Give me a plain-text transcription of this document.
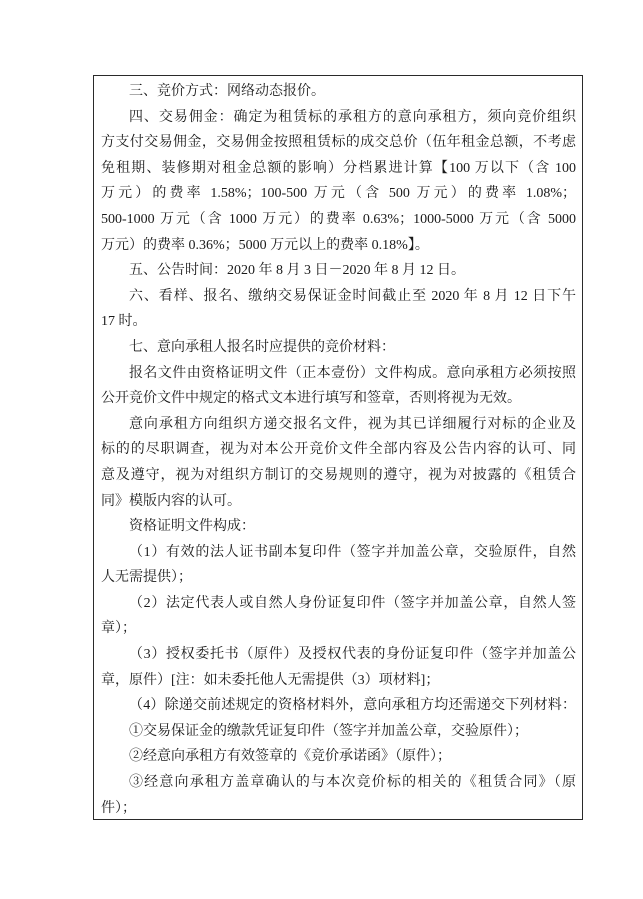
三、竞价方式：网络动态报价。
四、交易佣金：确定为租赁标的承租方的意向承租方，须向竞价组织
方支付交易佣金，交易佣金按照租赁标的成交总价（伍年租金总额，不考虑
免租期、装修期对租金总额的影响）分档累进计算【100 万以下（含 100
万元）的费率 1.58%；100-500 万元（含 500 万元）的费率 1.08%；
500-1000 万元（含 1000 万元）的费率 0.63%；1000-5000 万元（含 5000
万元）的费率 0.36%；5000 万元以上的费率 0.18%】。
五、公告时间：2020 年 8 月 3 日－2020 年 8 月 12 日。
六、看样、报名、缴纳交易保证金时间截止至 2020 年 8 月 12 日下午
17 时。
七、意向承租人报名时应提供的竞价材料：
报名文件由资格证明文件（正本壹份）文件构成。意向承租方必须按照
公开竞价文件中规定的格式文本进行填写和签章，否则将视为无效。
意向承租方向组织方递交报名文件，视为其已详细履行对标的企业及
标的的尽职调查，视为对本公开竞价文件全部内容及公告内容的认可、同
意及遵守，视为对组织方制订的交易规则的遵守，视为对披露的《租赁合
同》模版内容的认可。
资格证明文件构成：
（1）有效的法人证书副本复印件（签字并加盖公章，交验原件，自然
人无需提供）；
（2）法定代表人或自然人身份证复印件（签字并加盖公章，自然人签
章）；
（3）授权委托书（原件）及授权代表的身份证复印件（签字并加盖公
章，原件）[注：如未委托他人无需提供（3）项材料]；
（4）除递交前述规定的资格材料外，意向承租方均还需递交下列材料：
①交易保证金的缴款凭证复印件（签字并加盖公章，交验原件）；
②经意向承租方有效签章的《竞价承诺函》（原件）；
③经意向承租方盖章确认的与本次竞价标的相关的《租赁合同》（原
件）；
